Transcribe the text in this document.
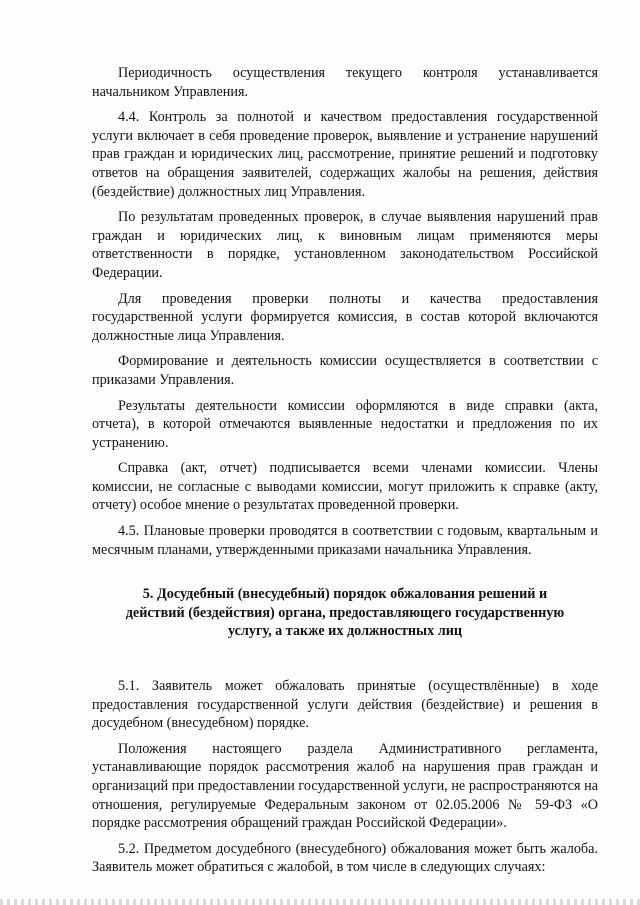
Периодичность осуществления текущего контроля устанавливается начальником Управления.

4.4. Контроль за полнотой и качеством предоставления государственной услуги включает в себя проведение проверок, выявление и устранение нарушений прав граждан и юридических лиц, рассмотрение, принятие решений и подготовку ответов на обращения заявителей, содержащих жалобы на решения, действия (бездействие) должностных лиц Управления.

По результатам проведенных проверок, в случае выявления нарушений прав граждан и юридических лиц, к виновным лицам применяются меры ответственности в порядке, установленном законодательством Российской Федерации.

Для проведения проверки полноты и качества предоставления государственной услуги формируется комиссия, в состав которой включаются должностные лица Управления.

Формирование и деятельность комиссии осуществляется в соответствии с приказами Управления.

Результаты деятельности комиссии оформляются в виде справки (акта, отчета), в которой отмечаются выявленные недостатки и предложения по их устранению.

Справка (акт, отчет) подписывается всеми членами комиссии. Члены комиссии, не согласные с выводами комиссии, могут приложить к справке (акту, отчету) особое мнение о результатах проведенной проверки.

4.5. Плановые проверки проводятся в соответствии с годовым, квартальным и месячным планами, утвержденными приказами начальника Управления.

5. Досудебный (внесудебный) порядок обжалования решений и действий (бездействия) органа, предоставляющего государственную услугу, а также их должностных лиц

5.1. Заявитель может обжаловать принятые (осуществлённые) в ходе предоставления государственной услуги действия (бездействие) и решения в досудебном (внесудебном) порядке.

Положения настоящего раздела Административного регламента, устанавливающие порядок рассмотрения жалоб на нарушения прав граждан и организаций при предоставлении государственной услуги, не распространяются на отношения, регулируемые Федеральным законом от 02.05.2006 № 59-ФЗ «О порядке рассмотрения обращений граждан Российской Федерации».

5.2. Предметом досудебного (внесудебного) обжалования может быть жалоба. Заявитель может обратиться с жалобой, в том числе в следующих случаях:
